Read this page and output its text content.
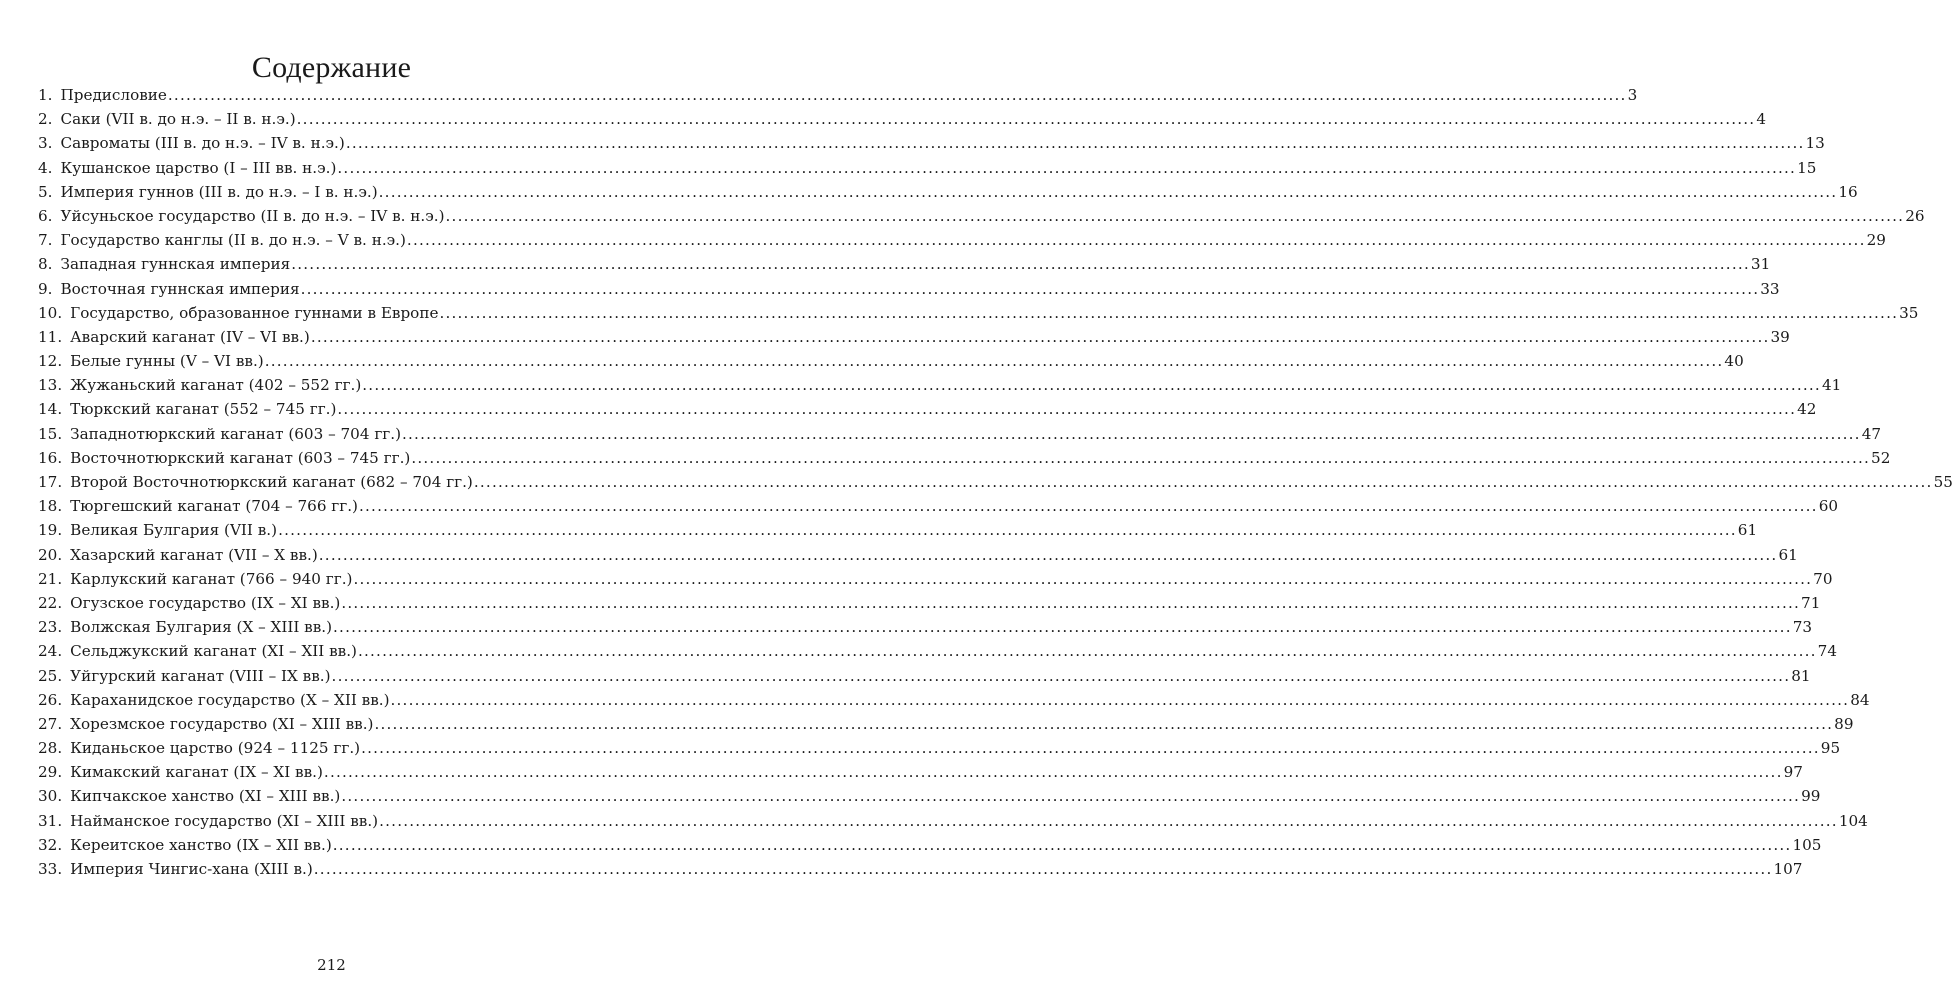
Содержание
1. Предисловие .....	3
2. Саки (VII в. до н.э. – II в. н.э.) .....	4
3. Савроматы (III в. до н.э. – IV в. н.э.) .....	13
4. Кушанское царство (I – III вв. н.э.) .....	15
5. Империя гуннов (III в. до н.э. – I в. н.э.) .....	16
6. Уйсуньское государство (II в. до н.э. – IV в. н.э.) .....	26
7. Государство канглы (II в. до н.э. – V в. н.э.) .....	29
8. Западная гуннская империя .....	31
9. Восточная гуннская империя .....	33
10. Государство, образованное гуннами в Европе .....	35
11. Аварский каганат (IV – VI вв.) .....	39
12. Белые гунны (V – VI вв.) .....	40
13. Жужаньский каганат (402 – 552 гг.) .....	41
14. Тюркский каганат (552 – 745 гг.) .....	42
15. Западнотюркский каганат (603 – 704 гг.) .....	47
16. Восточнотюркский каганат (603 – 745 гг.) .....	52
17. Второй Восточнотюркский каганат (682 – 704 гг.) .....	55
18. Тюргешский каганат (704 – 766 гг.) .....	60
19. Великая Булгария (VII в.) .....	61
20. Хазарский каганат (VII – X вв.) .....	61
21. Карлукский каганат (766 – 940 гг.) .....	70
22. Огузское государство (IX – XI вв.) .....	71
23. Волжская Булгария (X – XIII вв.) .....	73
24. Сельджукский каганат (XI – XII вв.) .....	74
25. Уйгурский каганат (VIII – IX вв.) .....	81
26. Караханидское государство (X – XII вв.) .....	84
27. Хорезмское государство (XI – XIII вв.) .....	89
28. Киданьское царство (924 – 1125 гг.) .....	95
29. Кимакский каганат (IX – XI вв.) .....	97
30. Кипчакское ханство (XI – XIII вв.) .....	99
31. Найманское государство (XI – XIII вв.) .....	104
32. Кереитское ханство (IX – XII вв.) .....	105
33. Империя Чингис-хана (XIII в.) .....	107
212
